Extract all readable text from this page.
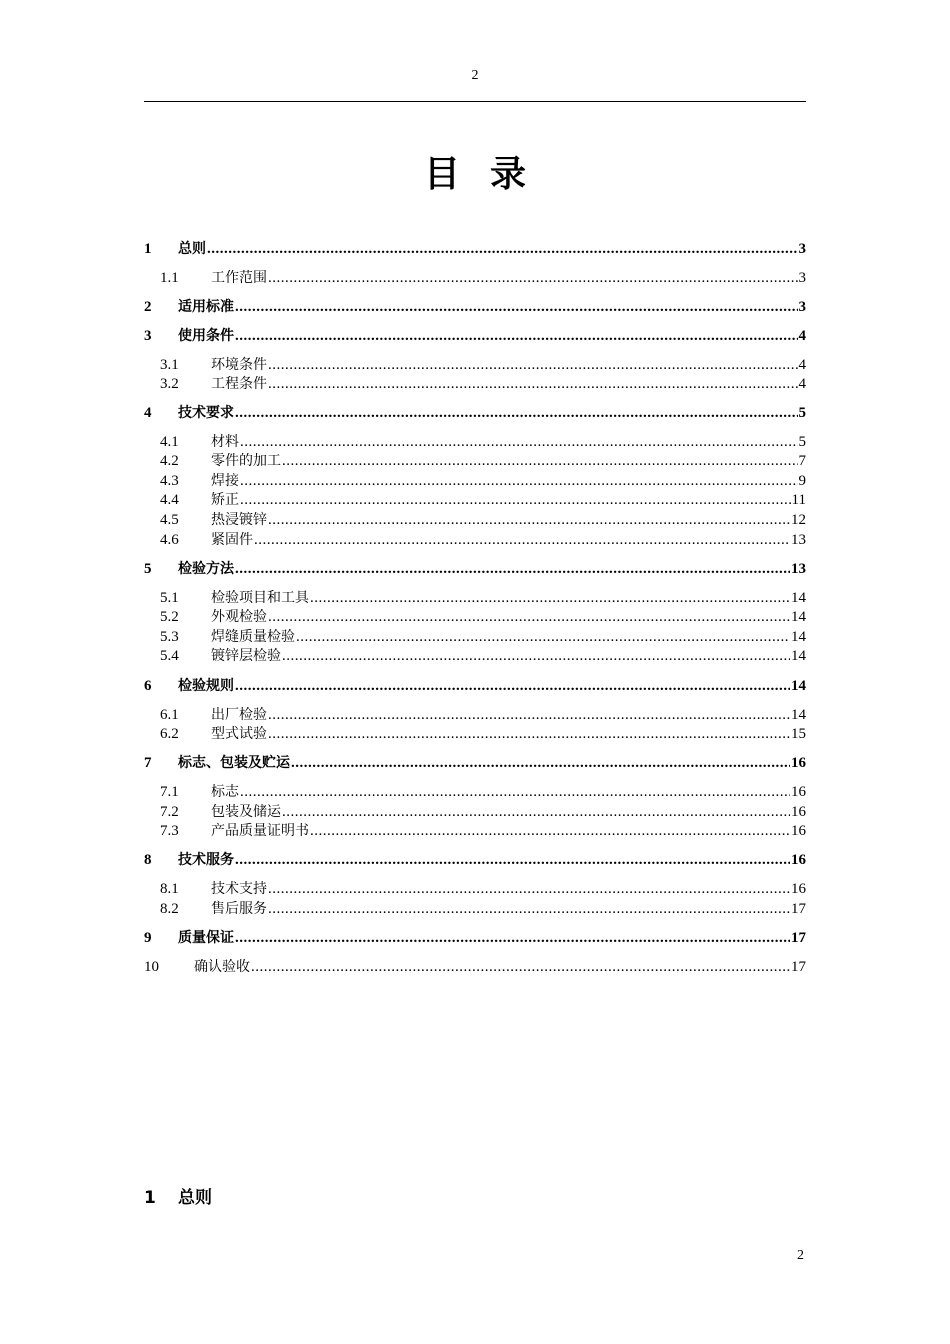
2
目录
1	总则 .....	3
1.1	工作范围 .....	3
2	适用标准 .....	3
3	使用条件 .....	4
3.1	环境条件 .....	4
3.2	工程条件 .....	4
4	技术要求 .....	5
4.1	材料 .....	5
4.2	零件的加工 .....	7
4.3	焊接 .....	9
4.4	矫正 .....	11
4.5	热浸镀锌 .....	12
4.6	紧固件 .....	13
5	检验方法 .....	13
5.1	检验项目和工具 .....	14
5.2	外观检验 .....	14
5.3	焊缝质量检验 .....	14
5.4	镀锌层检验 .....	14
6	检验规则 .....	14
6.1	出厂检验 .....	14
6.2	型式试验 .....	15
7	标志、包装及贮运 .....	16
7.1	标志 .....	16
7.2	包装及储运 .....	16
7.3	产品质量证明书 .....	16
8	技术服务 .....	16
8.1	技术支持 .....	16
8.2	售后服务 .....	17
9	质量保证 .....	17
10	确认验收 .....	17
1 总则
2
